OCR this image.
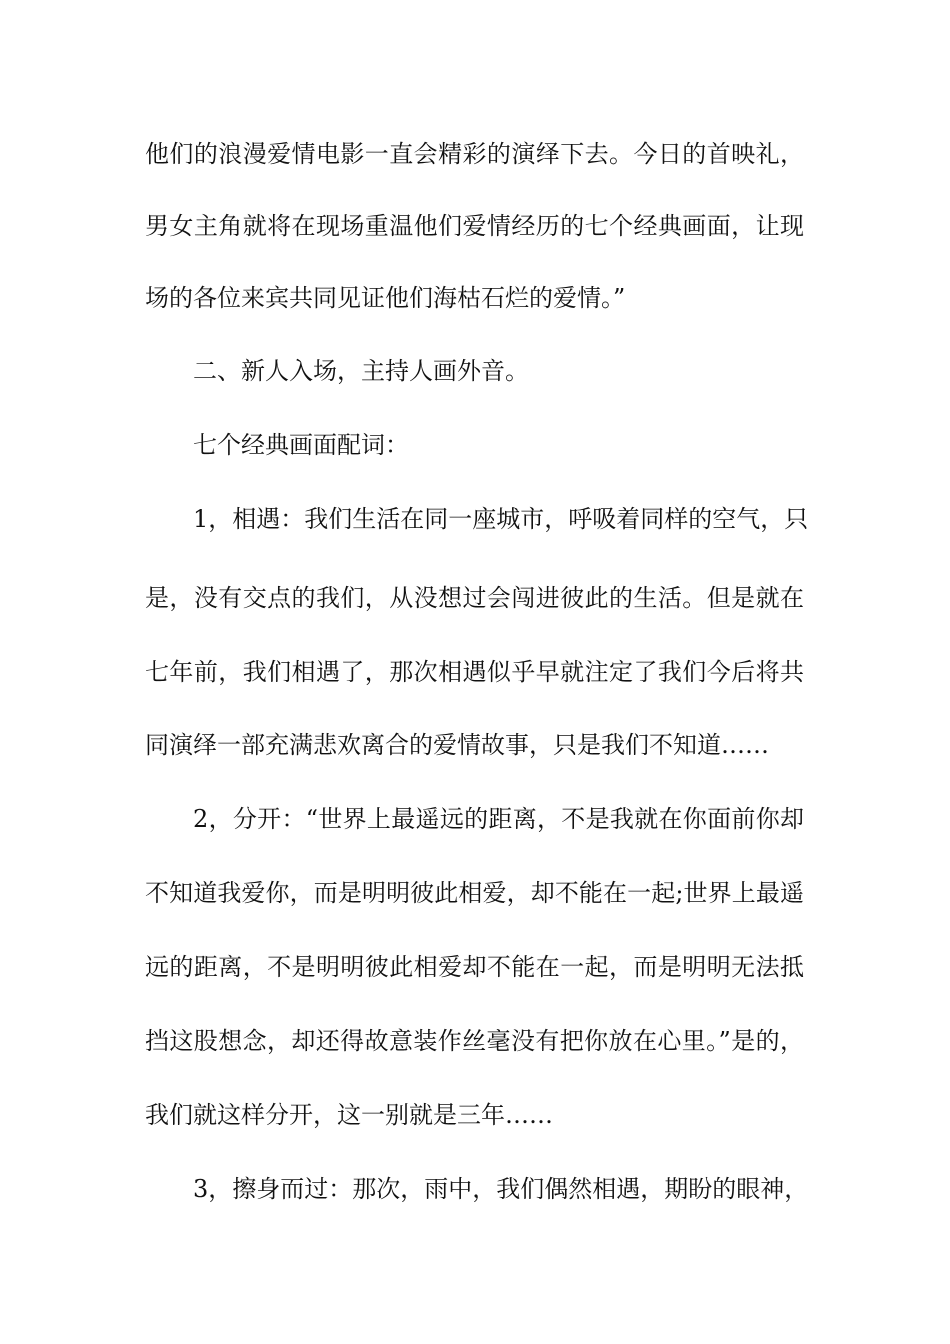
他们的浪漫爱情电影一直会精彩的演绎下去。今日的首映礼，
男女主角就将在现场重温他们爱情经历的七个经典画面，让现
场的各位来宾共同见证他们海枯石烂的爱情。”
二、新人入场，主持人画外音。
七个经典画面配词：
1，相遇：我们生活在同一座城市，呼吸着同样的空气，只
是，没有交点的我们，从没想过会闯进彼此的生活。但是就在
七年前，我们相遇了，那次相遇似乎早就注定了我们今后将共
同演绎一部充满悲欢离合的爱情故事，只是我们不知道……
2，分开：“世界上最遥远的距离，不是我就在你面前你却
不知道我爱你，而是明明彼此相爱，却不能在一起;世界上最遥
远的距离，不是明明彼此相爱却不能在一起，而是明明无法抵
挡这股想念，却还得故意装作丝毫没有把你放在心里。”是的，
我们就这样分开，这一别就是三年……
3，擦身而过：那次，雨中，我们偶然相遇，期盼的眼神，
